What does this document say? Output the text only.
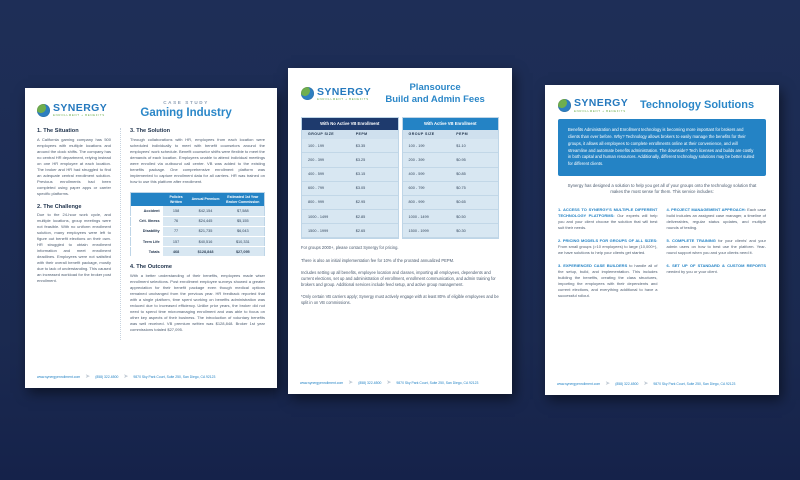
SYNERGY
ENROLLMENT + BENEFITS
CASE STUDY
Gaming Industry
1. The Situation

A California gaming company has 500 employees with multiple locations and around the clock shifts. The company has no central HR department, relying instead on one HR employee at each location. The broker and HR had struggled to find an adequate central enrollment solution. Previous enrollments had been completed using paper apps or carrier specific platforms.

2. The Challenge

Due to the 24-hour work cycle, and multiple locations, group meetings were not feasible. With no uniform enrollment solution, many employees were left to figure out benefit elections on their own. HR struggled to obtain enrollment information and meet enrollment deadlines. Employees were not satisfied with their overall benefit package, mostly due to lack of understanding. This caused an increased workload for the broker post enrollment.

3. The Solution

Through collaborations with HR, employees from each location were scheduled individually to meet with benefit counselors around the employees' work schedule. Benefit counselor shifts were flexible to meet the demands of each location. Employees unable to attend individual meetings were enrolled via outbound call center. VB was added to the existing benefits package. One comprehensive enrollment platform was implemented to capture enrollment data for all carriers. HR was trained on how to use this platform after enrollment.

	Policies Written	Annual Premium	Estimated 1st Year Broker Commission
Accident	158	$42,154	$7,588
Crit. Illness	76	$24,445	$5,155
Disability	77	$21,735	$6,043
Term Life	157	$40,516	$10,331
Totals	468	$128,848	$27,095
4. The Outcome

With a better understanding of their benefits, employees made wiser enrollment selections. Post enrollment employee surveys showed a greater appreciation for their benefit package even though medical options remained unchanged from the previous year. HR feedback reported that with a single platform, time spent working on benefits administration was reduced due to increased efficiency. Unlike prior years, the broker did not need to spend time micromanaging enrollment and was able to focus on other key aspects of their business. The introduction of voluntary benefits was well received. VB premium written was $128,848. Broker 1st year commissions totaled $27,095.

www.synergyenrollment.com ➤ (858) 322-6500 ➤ 9870 Sky Park Court, Suite 250, San Diego, CA 92123
SYNERGY
ENROLLMENT + BENEFITS
Plansource
Build and Admin Fees
With No Active VB Enrollment
GROUP SIZE	PEPM
100 - 199	$3.35
200 - 399	$3.25
400 - 599	$3.15
600 - 799	$3.05
800 - 999	$2.95
1000 - 1499	$2.85
1500 - 1999	$2.65
With Active VB Enrollment
GROUP SIZE	PEPM
100 - 199	$1.10
200 - 399	$0.95
400 - 599	$0.85
600 - 799	$0.75
800 - 999	$0.65
1000 - 1499	$0.50
1500 - 1999	$0.30

For groups 2000+, please contact Synergy for pricing.

There is also an initial implementation fee for 10% of the prorated annualized PEPM.

Includes setting up all benefits, employee location and classes, importing all employees, dependents and current elections, set up and administration of enrollment, enrollment communication, and admin training for brokers and group. Additional services include feed setup, and active group management.

*Only certain VB carriers apply; Synergy must actively engage with at least 80% of eligible employees and be split in on VB commissions.

www.synergyenrollment.com ➤ (858) 322-6500 ➤ 9870 Sky Park Court, Suite 250, San Diego, CA 92123
SYNERGY
ENROLLMENT + BENEFITS	Technology Solutions
Benefits Administration and Enrollment technology is becoming more important for brokers and clients than ever before. Why? Technology allows brokers to easily manage the benefits for their groups, it allows all employees to complete enrollments online at their convenience, and will streamline and automate benefits administration. The downside? Tech licenses and builds are costly in both capital and human resources. Additionally, different technology solutions may be better suited for different clients.

Synergy has designed a solution to help you get all of your groups onto the technology solution that makes the most sense for them. This service includes:

1. ACCESS TO SYNERGY'S MULTIPLE DIFFERENT TECHNOLOGY PLATFORMS: Our experts will help you and your client choose the solution that will best suit their needs.

2. PRICING MODELS FOR GROUPS OF ALL SIZES: From small groups (>10 employees) to large (10,000+), we have solutions to help your clients get started.

3. EXPERIENCED CASE BUILDERS to handle all of the setup, build, and implementation. This includes building the benefits, creating the class structures, importing the employees with their dependents and current elections, and everything additional to have a successful rollout.

4. PROJECT MANAGEMENT APPROACH: Each case build includes an assigned case manager, a timeline of deliverables, regular status updates, and multiple rounds of testing.

5. COMPLETE TRAINING for your clients' and your admin users on how to best use the platform. Year-round support when you and your clients need it.

6. SET UP OF STANDARD & CUSTOM REPORTS needed by you or your client.

www.synergyenrollment.com ➤ (858) 322-6500 ➤ 9870 Sky Park Court, Suite 250, San Diego, CA 92123
